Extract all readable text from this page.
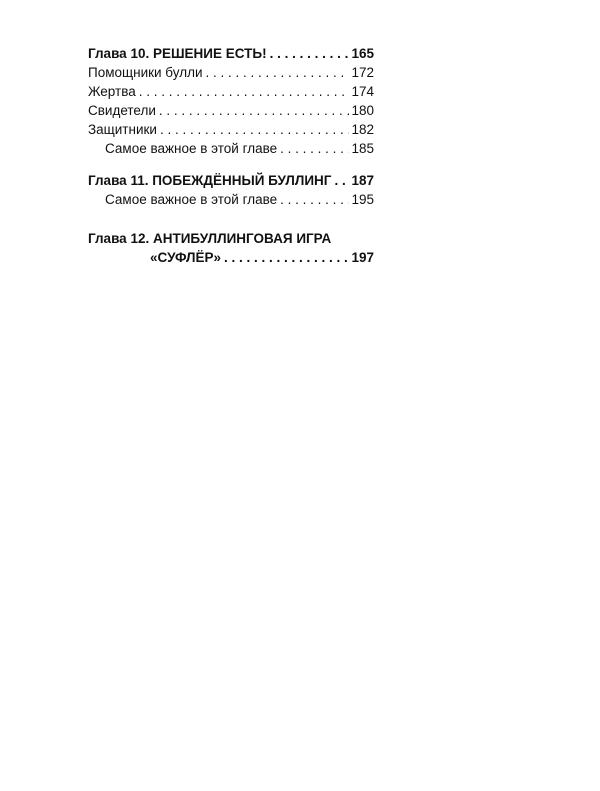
Глава 10. РЕШЕНИЕ ЕСТЬ! . . .	165
Помощники булли . . .	172
Жертва . . .	174
Свидетели . . .	180
Защитники . . .	182
Самое важное в этой главе . . .	185
Глава 11. ПОБЕЖДЁННЫЙ БУЛЛИНГ . . . 187
Самое важное в этой главе . . .	195
Глава 12. АНТИБУЛЛИНГОВАЯ ИГРА
«СУФЛЁР» . . .	197
